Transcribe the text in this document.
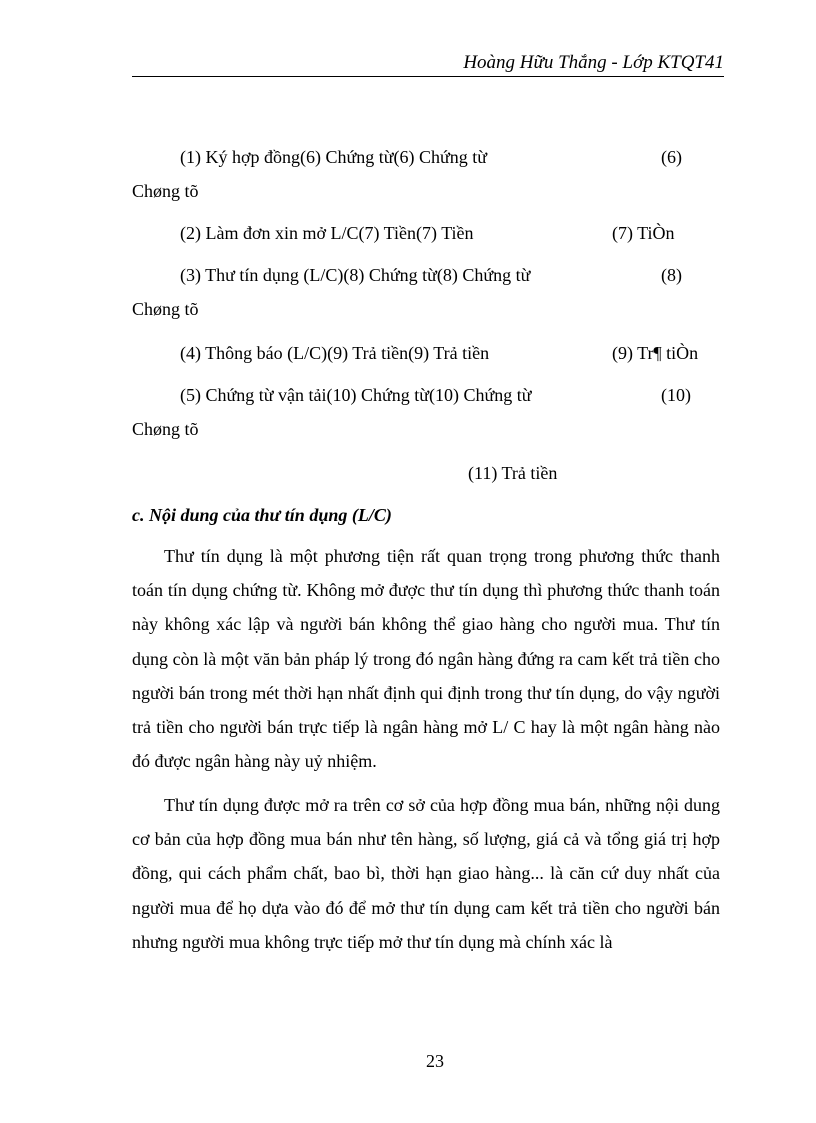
Hoàng Hữu Thắng - Lớp KTQT41
(1) Ký hợp đồng(6) Chứng từ(6) Chứng từ	(6)
Chøng tõ
(2) Làm đơn xin mở L/C(7) Tiền(7) Tiền	(7) TiÒn
(3) Thư tín dụng (L/C)(8) Chứng từ(8) Chứng từ	(8)
Chøng tõ
(4) Thông báo (L/C)(9) Trả tiền(9) Trả tiền	(9) Tr¶ tiÒn
(5) Chứng từ vận tải(10) Chứng từ(10) Chứng từ	(10)
Chøng tõ
(11) Trả tiền
c. Nội dung của thư tín dụng (L/C)

Thư tín dụng là một phương tiện rất quan trọng trong phương thức thanh toán tín dụng chứng từ. Không mở được thư tín dụng thì phương thức thanh toán này không xác lập và người bán không thể giao hàng cho người mua. Thư tín dụng còn là một văn bản pháp lý trong đó ngân hàng đứng ra cam kết trả tiền cho người bán trong mét thời hạn nhất định qui định trong thư tín dụng, do vậy người trả tiền cho người bán trực tiếp là ngân hàng mở L/ C hay là một ngân hàng nào đó được ngân hàng này uỷ nhiệm.

Thư tín dụng được mở ra trên cơ sở của hợp đồng mua bán, những nội dung cơ bản của hợp đồng mua bán như tên hàng, số lượng, giá cả và tổng giá trị hợp đồng, qui cách phẩm chất, bao bì, thời hạn giao hàng... là căn cứ duy nhất của người mua để họ dựa vào đó để mở thư tín dụng cam kết trả tiền cho người bán nhưng người mua không trực tiếp mở thư tín dụng mà chính xác là

23
